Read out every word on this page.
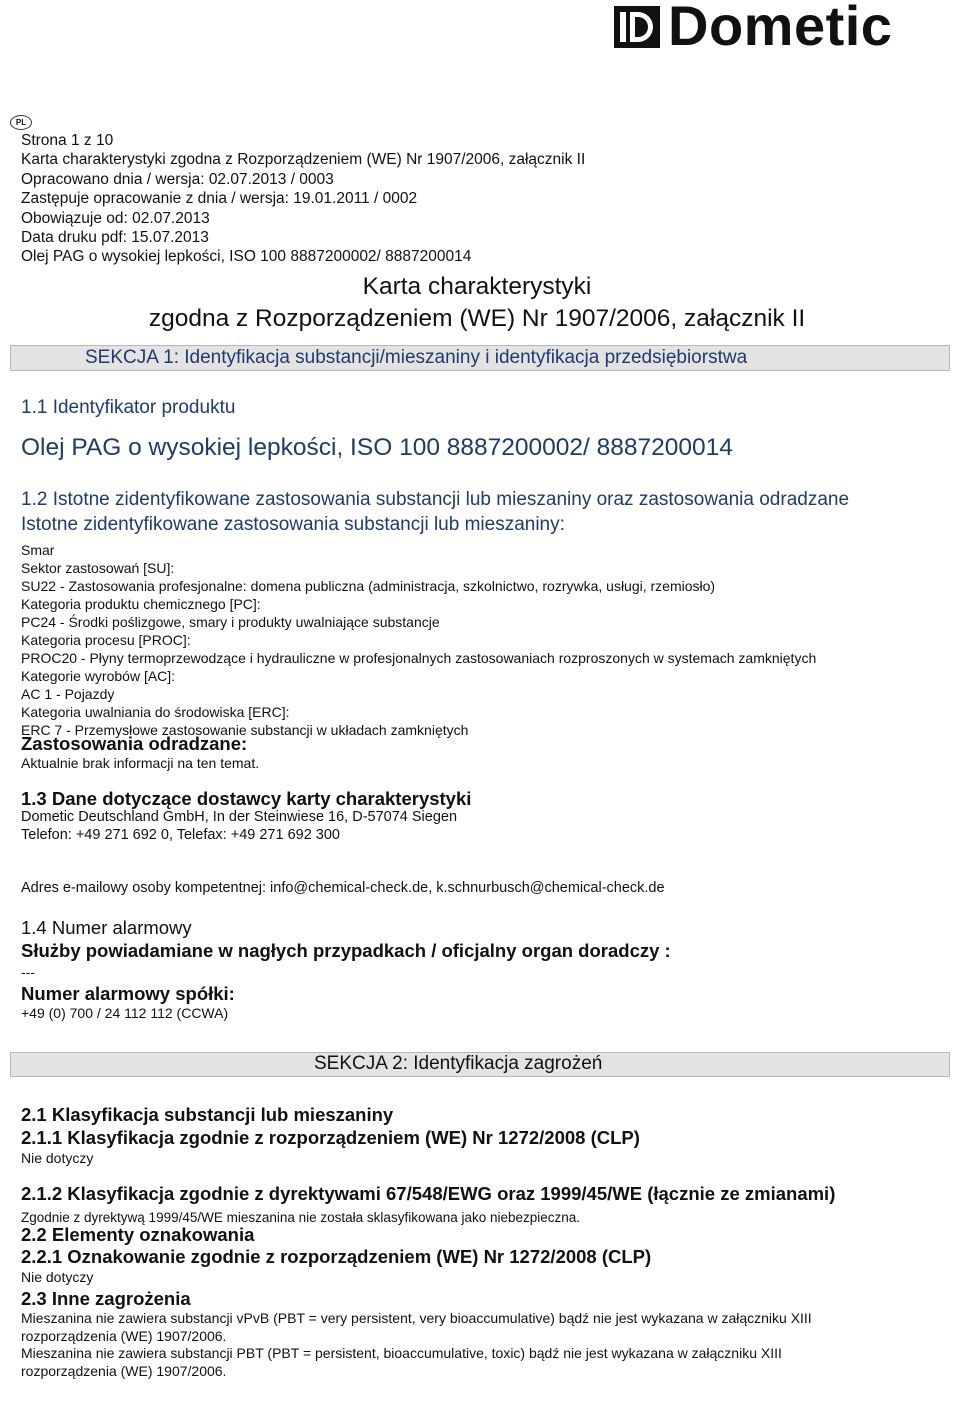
Dometic
PL
Strona 1 z 10
Karta charakterystyki zgodna z Rozporządzeniem (WE) Nr 1907/2006, załącznik II
Opracowano dnia / wersja: 02.07.2013 / 0003
Zastępuje opracowanie z dnia / wersja: 19.01.2011 / 0002
Obowiązuje od: 02.07.2013
Data druku pdf: 15.07.2013
Olej PAG o wysokiej lepkości, ISO 100 8887200002/ 8887200014
Karta charakterystyki
zgodna z Rozporządzeniem (WE) Nr 1907/2006, załącznik II
SEKCJA 1: Identyfikacja substancji/mieszaniny i identyfikacja przedsiębiorstwa
1.1 Identyfikator produktu
Olej PAG o wysokiej lepkości, ISO 100 8887200002/ 8887200014
1.2 Istotne zidentyfikowane zastosowania substancji lub mieszaniny oraz zastosowania odradzane
Istotne zidentyfikowane zastosowania substancji lub mieszaniny:
Smar
Sektor zastosowań [SU]:
SU22 - Zastosowania profesjonalne: domena publiczna (administracja, szkolnictwo, rozrywka, usługi, rzemiosło)
Kategoria produktu chemicznego [PC]:
PC24 - Środki poślizgowe, smary i produkty uwalniające substancje
Kategoria procesu [PROC]:
PROC20 - Płyny termoprzewodzące i hydrauliczne w profesjonalnych zastosowaniach rozproszonych w systemach zamkniętych
Kategorie wyrobów [AC]:
AC 1 - Pojazdy
Kategoria uwalniania do środowiska [ERC]:
ERC 7 - Przemysłowe zastosowanie substancji w układach zamkniętych
Zastosowania odradzane:
Aktualnie brak informacji na ten temat.
1.3 Dane dotyczące dostawcy karty charakterystyki
Dometic Deutschland GmbH, In der Steinwiese 16, D-57074 Siegen
Telefon: +49 271 692 0, Telefax: +49 271 692 300
Adres e-mailowy osoby kompetentnej: info@chemical-check.de, k.schnurbusch@chemical-check.de
1.4 Numer alarmowy
Służby powiadamiane w nagłych przypadkach / oficjalny organ doradczy :
---
Numer alarmowy spółki:
+49 (0) 700 / 24 112 112 (CCWA)
SEKCJA 2: Identyfikacja zagrożeń
2.1 Klasyfikacja substancji lub mieszaniny
2.1.1 Klasyfikacja zgodnie z rozporządzeniem (WE) Nr 1272/2008 (CLP)
Nie dotyczy
2.1.2 Klasyfikacja zgodnie z dyrektywami 67/548/EWG oraz 1999/45/WE (łącznie ze zmianami)
Zgodnie z dyrektywą 1999/45/WE mieszanina nie została sklasyfikowana jako niebezpieczna.
2.2 Elementy oznakowania
2.2.1 Oznakowanie zgodnie z rozporządzeniem (WE) Nr 1272/2008 (CLP)
Nie dotyczy
2.3 Inne zagrożenia
Mieszanina nie zawiera substancji vPvB (PBT = very persistent, very bioaccumulative) bądź nie jest wykazana w załączniku XIII
rozporządzenia (WE) 1907/2006.
Mieszanina nie zawiera substancji PBT (PBT = persistent, bioaccumulative, toxic) bądź nie jest wykazana w załączniku XIII
rozporządzenia (WE) 1907/2006.
